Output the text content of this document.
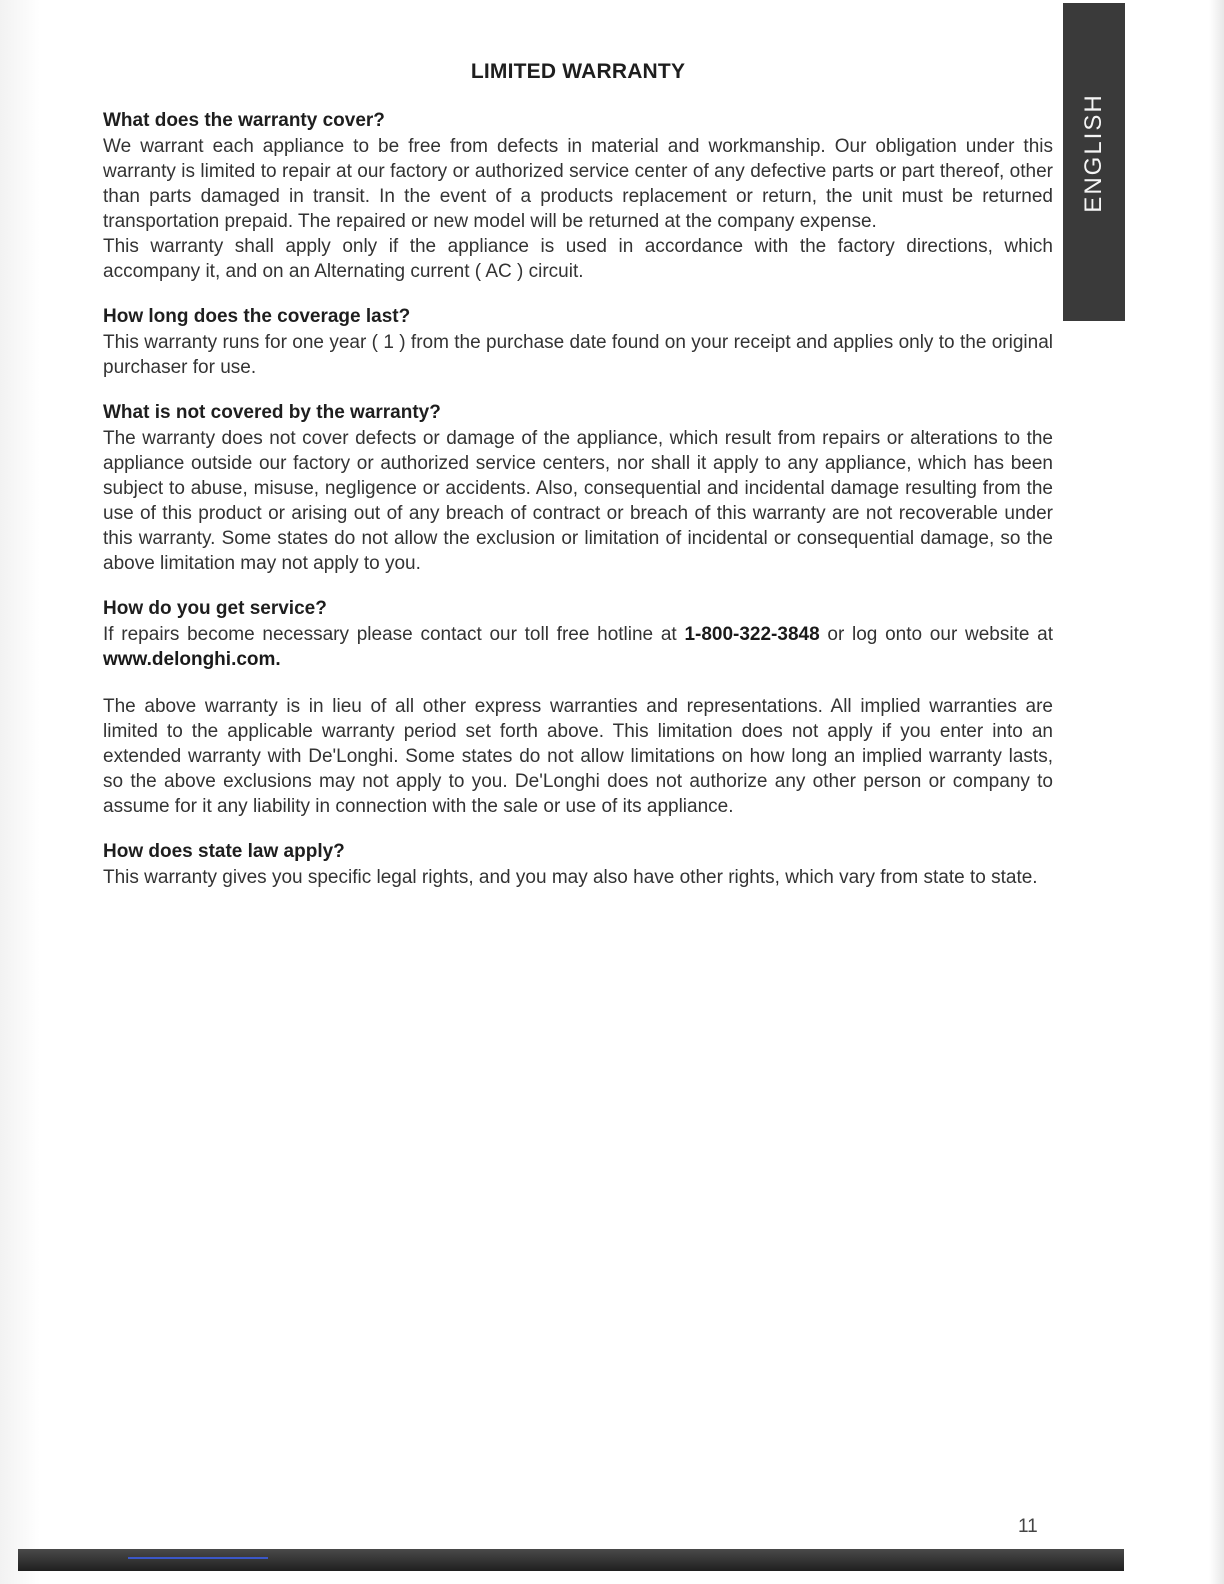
ENGLISH
LIMITED WARRANTY
What does the warranty cover?

We warrant each appliance to be free from defects in material and workmanship. Our obligation under this warranty is limited to repair at our factory or authorized service center of any defective parts or part thereof, other than parts damaged in transit. In the event of a products replacement or return, the unit must be returned transportation prepaid. The repaired or new model will be returned at the company expense.

This warranty shall apply only if the appliance is used in accordance with the factory directions, which accompany it, and on an Alternating current ( AC ) circuit.

How long does the coverage last?

This warranty runs for one year ( 1 ) from the purchase date found on your receipt and applies only to the original purchaser for use.

What is not covered by the warranty?

The warranty does not cover defects or damage of the appliance, which result from repairs or alterations to the appliance outside our factory or authorized service centers, nor shall it apply to any appliance, which has been subject to abuse, misuse, negligence or accidents. Also, consequential and incidental damage resulting from the use of this product or arising out of any breach of contract or breach of this warranty are not recoverable under this warranty. Some states do not allow the exclusion or limitation of incidental or consequential damage, so the above limitation may not apply to you.

How do you get service?

If repairs become necessary please contact our toll free hotline at 1-800-322-3848 or log onto our website at www.delonghi.com.

The above warranty is in lieu of all other express warranties and representations. All implied warranties are limited to the applicable warranty period set forth above. This limitation does not apply if you enter into an extended warranty with De'Longhi. Some states do not allow limitations on how long an implied warranty lasts, so the above exclusions may not apply to you. De'Longhi does not authorize any other person or company to assume for it any liability in connection with the sale or use of its appliance.

How does state law apply?

This warranty gives you specific legal rights, and you may also have other rights, which vary from state to state.

11
